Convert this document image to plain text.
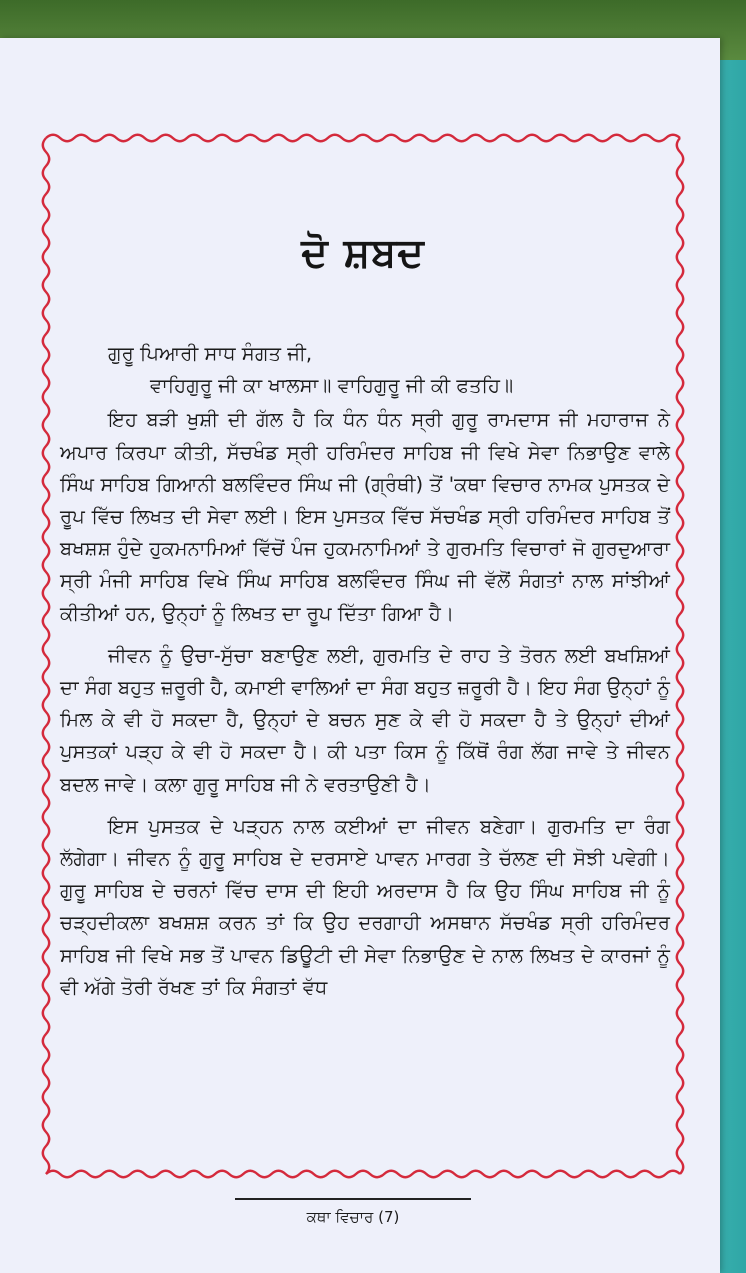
ਦੋ ਸ਼ਬਦ

ਗੁਰੂ ਪਿਆਰੀ ਸਾਧ ਸੰਗਤ ਜੀ,

ਵਾਹਿਗੁਰੂ ਜੀ ਕਾ ਖਾਲਸਾ॥ ਵਾਹਿਗੁਰੂ ਜੀ ਕੀ ਫਤਹਿ॥

ਇਹ ਬੜੀ ਖੁਸ਼ੀ ਦੀ ਗੱਲ ਹੈ ਕਿ ਧੰਨ ਧੰਨ ਸ੍ਰੀ ਗੁਰੂ ਰਾਮਦਾਸ ਜੀ ਮਹਾਰਾਜ ਨੇ ਅਪਾਰ ਕਿਰਪਾ ਕੀਤੀ, ਸੱਚਖੰਡ ਸ੍ਰੀ ਹਰਿਮੰਦਰ ਸਾਹਿਬ ਜੀ ਵਿਖੇ ਸੇਵਾ ਨਿਭਾਉਣ ਵਾਲੇ ਸਿੰਘ ਸਾਹਿਬ ਗਿਆਨੀ ਬਲਵਿੰਦਰ ਸਿੰਘ ਜੀ (ਗ੍ਰੰਥੀ) ਤੋਂ 'ਕਥਾ ਵਿਚਾਰ ਨਾਮਕ ਪੁਸਤਕ ਦੇ ਰੂਪ ਵਿੱਚ ਲਿਖਤ ਦੀ ਸੇਵਾ ਲਈ। ਇਸ ਪੁਸਤਕ ਵਿੱਚ ਸੱਚਖੰਡ ਸ੍ਰੀ ਹਰਿਮੰਦਰ ਸਾਹਿਬ ਤੋਂ ਬਖਸ਼ਸ਼ ਹੁੰਦੇ ਹੁਕਮਨਾਮਿਆਂ ਵਿੱਚੋਂ ਪੰਜ ਹੁਕਮਨਾਮਿਆਂ ਤੇ ਗੁਰਮਤਿ ਵਿਚਾਰਾਂ ਜੋ ਗੁਰਦੁਆਰਾ ਸ੍ਰੀ ਮੰਜੀ ਸਾਹਿਬ ਵਿਖੇ ਸਿੰਘ ਸਾਹਿਬ ਬਲਵਿੰਦਰ ਸਿੰਘ ਜੀ ਵੱਲੋਂ ਸੰਗਤਾਂ ਨਾਲ ਸਾਂਝੀਆਂ ਕੀਤੀਆਂ ਹਨ, ਉਨ੍ਹਾਂ ਨੂੰ ਲਿਖਤ ਦਾ ਰੂਪ ਦਿੱਤਾ ਗਿਆ ਹੈ।

ਜੀਵਨ ਨੂੰ ਉਚਾ-ਸੁੱਚਾ ਬਣਾਉਣ ਲਈ, ਗੁਰਮਤਿ ਦੇ ਰਾਹ ਤੇ ਤੋਰਨ ਲਈ ਬਖਸ਼ਿਆਂ ਦਾ ਸੰਗ ਬਹੁਤ ਜ਼ਰੂਰੀ ਹੈ, ਕਮਾਈ ਵਾਲਿਆਂ ਦਾ ਸੰਗ ਬਹੁਤ ਜ਼ਰੂਰੀ ਹੈ। ਇਹ ਸੰਗ ਉਨ੍ਹਾਂ ਨੂੰ ਮਿਲ ਕੇ ਵੀ ਹੋ ਸਕਦਾ ਹੈ, ਉਨ੍ਹਾਂ ਦੇ ਬਚਨ ਸੁਣ ਕੇ ਵੀ ਹੋ ਸਕਦਾ ਹੈ ਤੇ ਉਨ੍ਹਾਂ ਦੀਆਂ ਪੁਸਤਕਾਂ ਪੜ੍ਹ ਕੇ ਵੀ ਹੋ ਸਕਦਾ ਹੈ। ਕੀ ਪਤਾ ਕਿਸ ਨੂੰ ਕਿੱਥੋਂ ਰੰਗ ਲੱਗ ਜਾਵੇ ਤੇ ਜੀਵਨ ਬਦਲ ਜਾਵੇ। ਕਲਾ ਗੁਰੂ ਸਾਹਿਬ ਜੀ ਨੇ ਵਰਤਾਉਣੀ ਹੈ।

ਇਸ ਪੁਸਤਕ ਦੇ ਪੜ੍ਹਨ ਨਾਲ ਕਈਆਂ ਦਾ ਜੀਵਨ ਬਣੇਗਾ। ਗੁਰਮਤਿ ਦਾ ਰੰਗ ਲੱਗੇਗਾ। ਜੀਵਨ ਨੂੰ ਗੁਰੂ ਸਾਹਿਬ ਦੇ ਦਰਸਾਏ ਪਾਵਨ ਮਾਰਗ ਤੇ ਚੱਲਣ ਦੀ ਸੋਝੀ ਪਵੇਗੀ। ਗੁਰੂ ਸਾਹਿਬ ਦੇ ਚਰਨਾਂ ਵਿੱਚ ਦਾਸ ਦੀ ਇਹੀ ਅਰਦਾਸ ਹੈ ਕਿ ਉਹ ਸਿੰਘ ਸਾਹਿਬ ਜੀ ਨੂੰ ਚੜ੍ਹਦੀਕਲਾ ਬਖਸ਼ਸ਼ ਕਰਨ ਤਾਂ ਕਿ ਉਹ ਦਰਗਾਹੀ ਅਸਥਾਨ ਸੱਚਖੰਡ ਸ੍ਰੀ ਹਰਿਮੰਦਰ ਸਾਹਿਬ ਜੀ ਵਿਖੇ ਸਭ ਤੋਂ ਪਾਵਨ ਡਿਊਟੀ ਦੀ ਸੇਵਾ ਨਿਭਾਉਣ ਦੇ ਨਾਲ ਲਿਖਤ ਦੇ ਕਾਰਜਾਂ ਨੂੰ ਵੀ ਅੱਗੇ ਤੋਰੀ ਰੱਖਣ ਤਾਂ ਕਿ ਸੰਗਤਾਂ ਵੱਧ

ਕਥਾ ਵਿਚਾਰ (7)
